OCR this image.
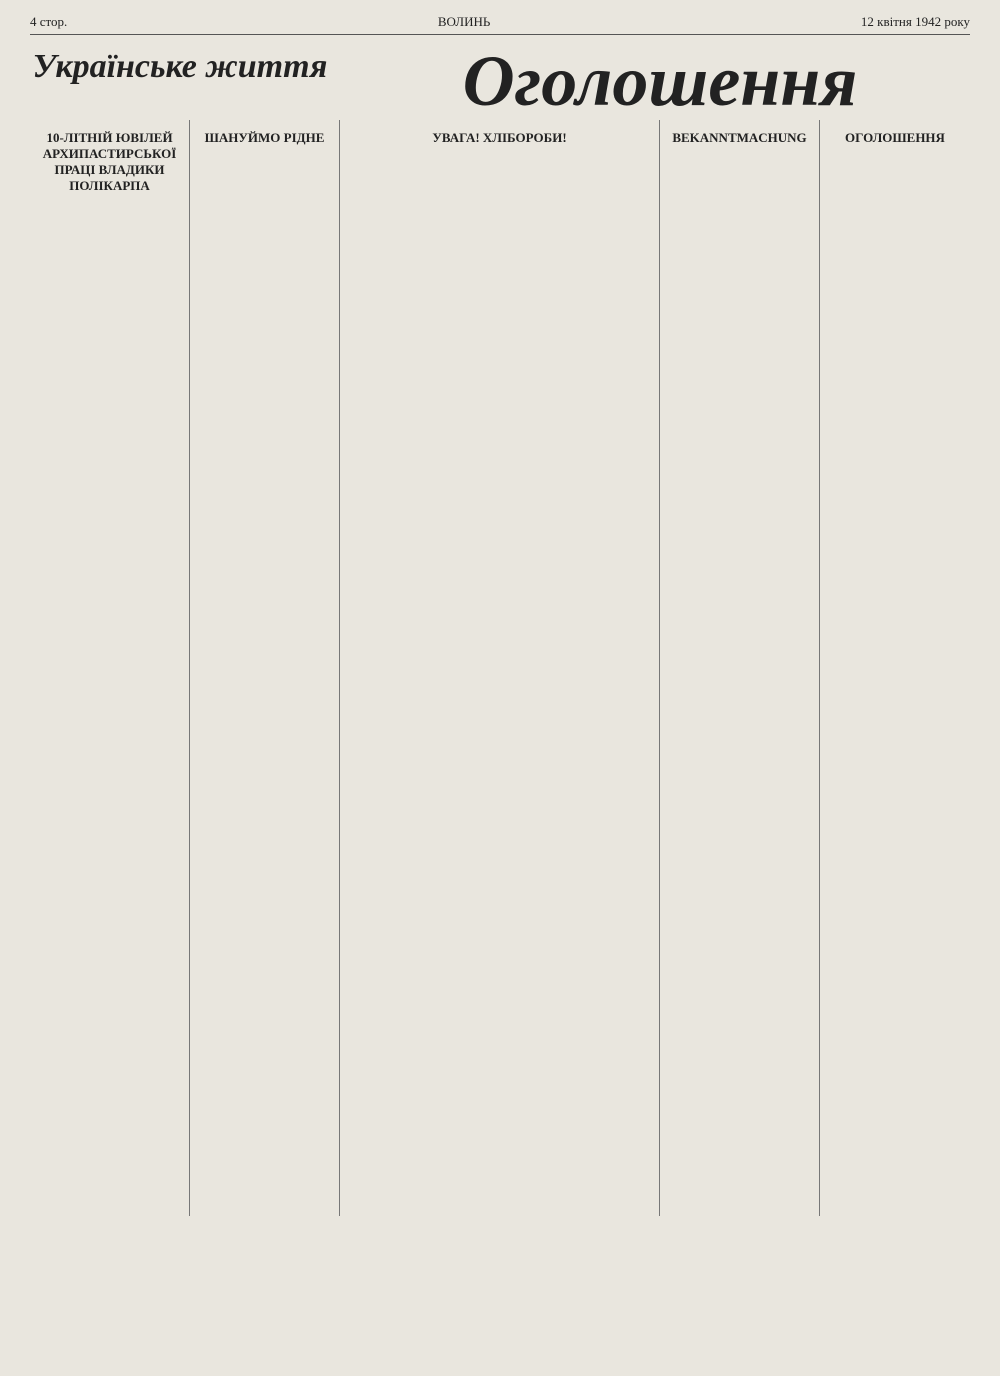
4 стор.	ВОЛИНЬ	12 квітня 1942 року
Українське життя	Оголошення
10-ЛІТНІЙ ЮВІЛЕЙ АРХИПАСТИРСЬКОЇ ПРАЦІ ВЛАДИКИ ПОЛІКАРПА
ШАНУЙМО РІДНЕ	УВАГА! ХЛІБОРОБИ!	BEKANNTMACHUNG	ОГОЛОШЕННЯ
